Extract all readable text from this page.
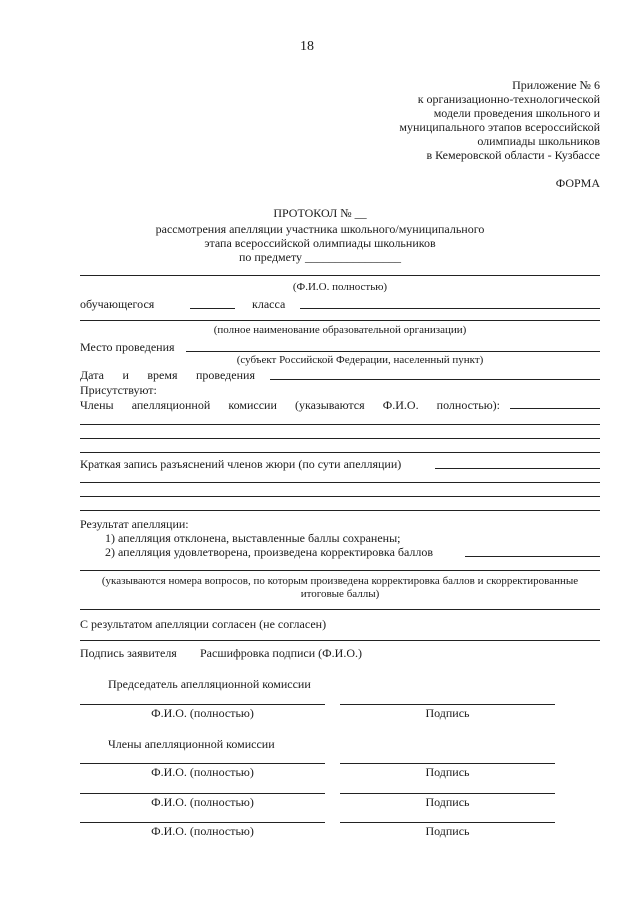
18
Приложение № 6
к организационно-технологической
модели проведения школьного и
муниципального этапов всероссийской
олимпиады школьников
в Кемеровской области - Кузбассе
ФОРМА
ПРОТОКОЛ № __
рассмотрения апелляции участника школьного/муниципального
этапа всероссийской олимпиады школьников
по предмету ________________
(Ф.И.О. полностью)
обучающегося	класса
(полное наименование образовательной организации)
Место проведения
(субъект Российской Федерации, населенный пункт)
Дата и время проведения
Присутствуют:
Члены апелляционной комиссии (указываются Ф.И.О. полностью):
Краткая запись разъяснений членов жюри (по сути апелляции)
Результат апелляции:
1) апелляция отклонена, выставленные баллы сохранены;
2) апелляция удовлетворена, произведена корректировка баллов
(указываются номера вопросов, по которым произведена корректировка баллов и скорректированные
итоговые баллы)
С результатом апелляции согласен (не согласен)
Подпись заявителя Расшифровка подписи (Ф.И.О.)
Председатель апелляционной комиссии
Ф.И.О. (полностью)	Подпись
Члены апелляционной комиссии
Ф.И.О. (полностью)	Подпись
Ф.И.О. (полностью)	Подпись
Ф.И.О. (полностью)	Подпись
